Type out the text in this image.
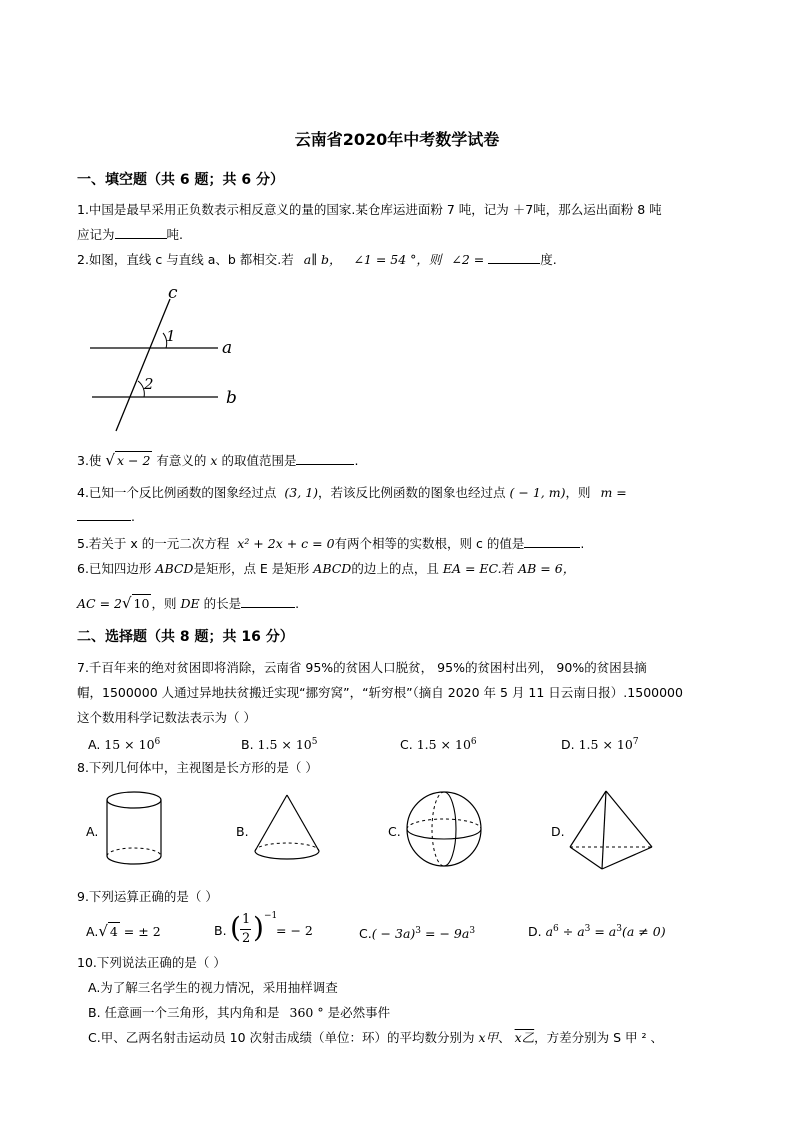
云南省2020年中考数学试卷
一、填空题（共 6 题；共 6 分）
1.中国是最早采用正负数表示相反意义的量的国家.某仓库运进面粉 7 吨，记为 ＋7吨，那么运出面粉 8 吨
应记为	吨.
2.如图，直线 c 与直线 a、b 都相交.若 a∥ b， ∠1 = 54 °，则 ∠2 =	度.
c
a
b
1
2
3.使 √ x − 2 有意义的 x 的取值范围是	.
4.已知一个反比例函数的图象经过点 (3, 1)，若该反比例函数的图象也经过点 ( − 1, m)，则 m =
.
5.若关于 x 的一元二次方程 x² + 2x + c = 0有两个相等的实数根，则 c 的值是	.
6.已知四边形 ABCD是矩形，点 E 是矩形 ABCD的边上的点，且 EA = EC.若 AB = 6，
AC = 2√ 10 ，则 DE 的长是	.
二、选择题（共 8 题；共 16 分）
7.千百年来的绝对贫困即将消除，云南省 95%的贫困人口脱贫， 95%的贫困村出列， 90%的贫困县摘
帽，1500000 人通过异地扶贫搬迁实现“挪穷窝”，“斩穷根”（摘自 2020 年 5 月 11 日云南日报）.1500000
这个数用科学记数法表示为（ ）
A. $15 \times 10^6$	B. $1.5 \times 10^5$	C. $1.5 \times 10^6$	D. $1.5 \times 10^7$
8.下列几何体中，主视图是长方形的是（ ）
A.	B.	C.	D.
9.下列运算正确的是（ ）
A.√ 4 = ± 2	B. ( 1
2 ) −1
= − 2	$C.( - 3a)^3$ = − $9a^3$	D. $a^6 \div a^3 = a^3(a \ne 0)$
10.下列说法正确的是（ ）
A.为了解三名学生的视力情况，采用抽样调查
B. 任意画一个三角形，其内角和是 360 ° 是必然事件
C.甲、乙两名射击运动员 10 次射击成绩（单位：环）的平均数分别为 x甲、 x乙，方差分别为 S 甲 ² 、
